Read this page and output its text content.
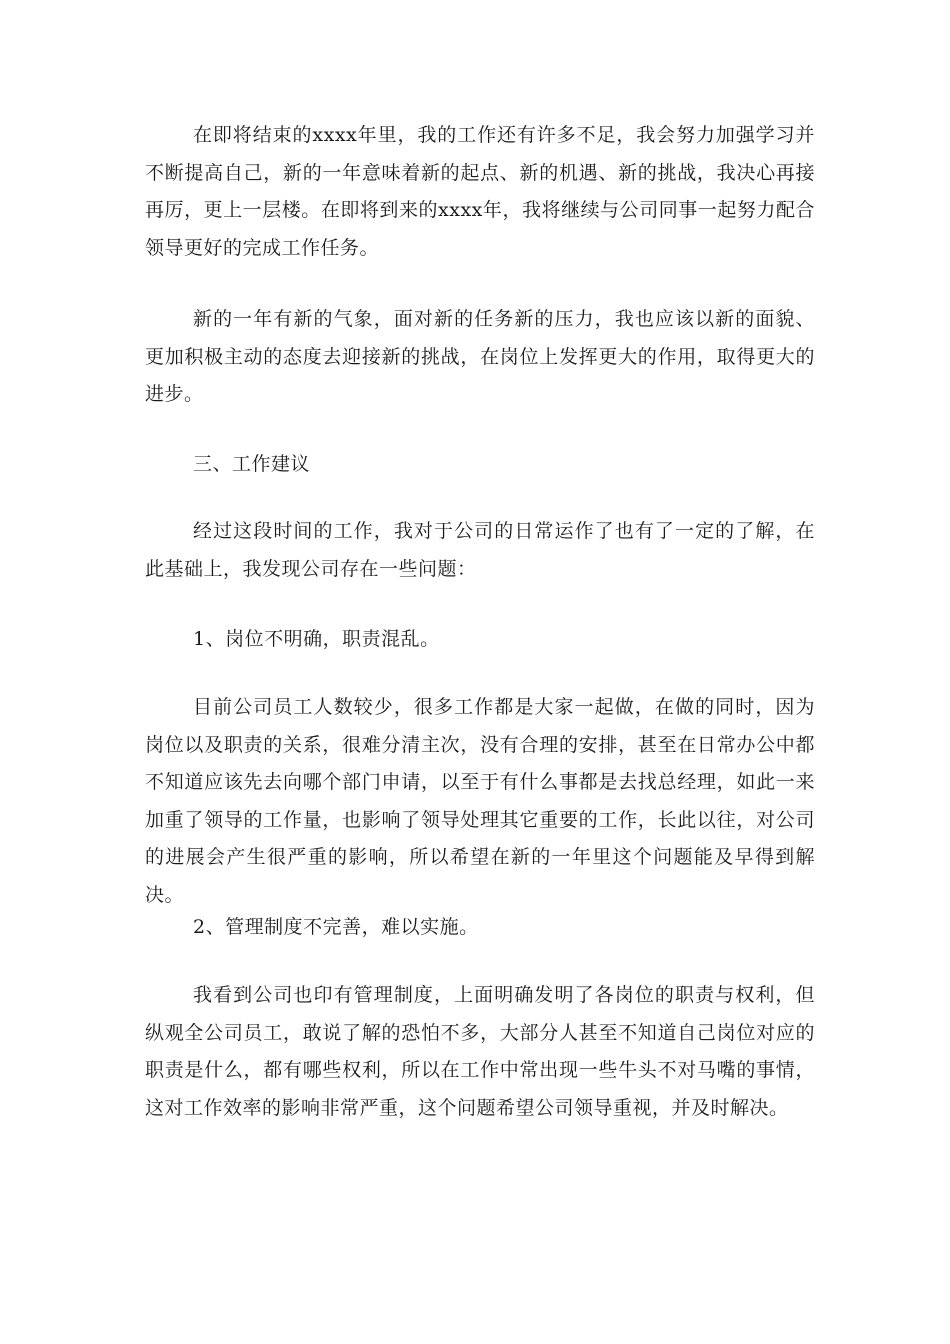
在即将结束的xxxx年里，我的工作还有许多不足，我会努力加强学习并不断提高自己，新的一年意味着新的起点、新的机遇、新的挑战，我决心再接再厉，更上一层楼。在即将到来的xxxx年，我将继续与公司同事一起努力配合领导更好的完成工作任务。

新的一年有新的气象，面对新的任务新的压力，我也应该以新的面貌、更加积极主动的态度去迎接新的挑战，在岗位上发挥更大的作用，取得更大的进步。

三、工作建议

经过这段时间的工作，我对于公司的日常运作了也有了一定的了解，在此基础上，我发现公司存在一些问题：

1、岗位不明确，职责混乱。

目前公司员工人数较少，很多工作都是大家一起做，在做的同时，因为岗位以及职责的关系，很难分清主次，没有合理的安排，甚至在日常办公中都不知道应该先去向哪个部门申请，以至于有什么事都是去找总经理，如此一来加重了领导的工作量，也影响了领导处理其它重要的工作，长此以往，对公司的进展会产生很严重的影响，所以希望在新的一年里这个问题能及早得到解决。

2、管理制度不完善，难以实施。

我看到公司也印有管理制度，上面明确发明了各岗位的职责与权利，但纵观全公司员工，敢说了解的恐怕不多，大部分人甚至不知道自己岗位对应的职责是什么，都有哪些权利，所以在工作中常出现一些牛头不对马嘴的事情，这对工作效率的影响非常严重，这个问题希望公司领导重视，并及时解决。
